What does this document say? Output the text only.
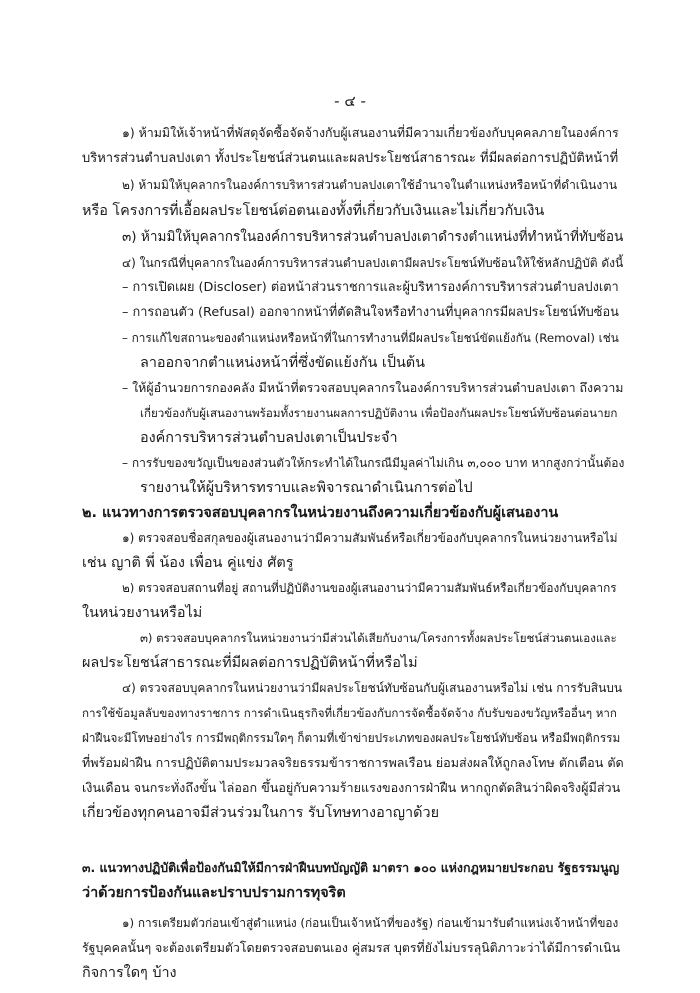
- ๔ -
๑) ห้ามมิให้เจ้าหน้าที่พัสดุจัดซื้อจัดจ้างกับผู้เสนองานที่มีความเกี่ยวข้องกับบุคคลภายในองค์การ
บริหารส่วนตำบลปงเตา ทั้งประโยชน์ส่วนตนและผลประโยชน์สาธารณะ ที่มีผลต่อการปฏิบัติหน้าที่
๒) ห้ามมิให้บุคลากรในองค์การบริหารส่วนตำบลปงเตาใช้อำนาจในตำแหน่งหรือหน้าที่ดำเนินงาน
หรือ โครงการที่เอื้อผลประโยชน์ต่อตนเองทั้งที่เกี่ยวกับเงินและไม่เกี่ยวกับเงิน
๓) ห้ามมิให้บุคลากรในองค์การบริหารส่วนตำบลปงเตาดำรงตำแหน่งที่ทำหน้าที่ทับซ้อน
๔) ในกรณีที่บุคลากรในองค์การบริหารส่วนตำบลปงเตามีผลประโยชน์ทับซ้อนให้ใช้หลักปฏิบัติ ดังนี้
– การเปิดเผย (Discloser) ต่อหน้าส่วนราชการและผู้บริหารองค์การบริหารส่วนตำบลปงเตา
– การถอนตัว (Refusal) ออกจากหน้าที่ตัดสินใจหรือทำงานที่บุคลากรมีผลประโยชน์ทับซ้อน
– การแก้ไขสถานะของตำแหน่งหรือหน้าที่ในการทำงานที่มีผลประโยชน์ขัดแย้งกัน (Removal) เช่น
ลาออกจากตำแหน่งหน้าที่ซึ่งขัดแย้งกัน เป็นต้น
– ให้ผู้อำนวยการกองคลัง มีหน้าที่ตรวจสอบบุคลากรในองค์การบริหารส่วนตำบลปงเตา ถึงความ
เกี่ยวข้องกับผู้เสนองานพร้อมทั้งรายงานผลการปฏิบัติงาน เพื่อป้องกันผลประโยชน์ทับซ้อนต่อนายก
องค์การบริหารส่วนตำบลปงเตาเป็นประจำ
– การรับของขวัญเป็นของส่วนตัวให้กระทำได้ในกรณีมีมูลค่าไม่เกิน ๓,๐๐๐ บาท หากสูงกว่านั้นต้อง
รายงานให้ผู้บริหารทราบและพิจารณาดำเนินการต่อไป
๒. แนวทางการตรวจสอบบุคลากรในหน่วยงานถึงความเกี่ยวข้องกับผู้เสนองาน
๑) ตรวจสอบชื่อสกุลของผู้เสนองานว่ามีความสัมพันธ์หรือเกี่ยวข้องกับบุคลากรในหน่วยงานหรือไม่
เช่น ญาติ พี่ น้อง เพื่อน คู่แข่ง ศัตรู
๒) ตรวจสอบสถานที่อยู่ สถานที่ปฏิบัติงานของผู้เสนองานว่ามีความสัมพันธ์หรือเกี่ยวข้องกับบุคลากร
ในหน่วยงานหรือไม่
๓) ตรวจสอบบุคลากรในหน่วยงานว่ามีส่วนได้เสียกับงาน/โครงการทั้งผลประโยชน์ส่วนตนเองและ
ผลประโยชน์สาธารณะที่มีผลต่อการปฏิบัติหน้าที่หรือไม่
๔) ตรวจสอบบุคลากรในหน่วยงานว่ามีผลประโยชน์ทับซ้อนกับผู้เสนองานหรือไม่ เช่น การรับสินบน
การใช้ข้อมูลลับของทางราชการ การดำเนินธุรกิจที่เกี่ยวข้องกับการจัดซื้อจัดจ้าง กับรับของขวัญหรืออื่นๆ หาก
ฝ่าฝืนจะมีโทษอย่างไร การมีพฤติกรรมใดๆ ก็ตามที่เข้าข่ายประเภทของผลประโยชน์ทับซ้อน หรือมีพฤติกรรม
ที่พร้อมฝ่าฝืน การปฏิบัติตามประมวลจริยธรรมข้าราชการพลเรือน ย่อมส่งผลให้ถูกลงโทษ ตักเตือน ตัด
เงินเดือน จนกระทั่งถึงขั้น ไล่ออก ขึ้นอยู่กับความร้ายแรงของการฝ่าฝืน หากถูกตัดสินว่าผิดจริงผู้มีส่วน
เกี่ยวข้องทุกคนอาจมีส่วนร่วมในการ รับโทษทางอาญาด้วย
๓. แนวทางปฏิบัติเพื่อป้องกันมิให้มีการฝ่าฝืนบทบัญญัติ มาตรา ๑๐๐ แห่งกฎหมายประกอบ รัฐธรรมนูญ
ว่าด้วยการป้องกันและปราบปรามการทุจริต
๑) การเตรียมตัวก่อนเข้าสู่ตำแหน่ง (ก่อนเป็นเจ้าหน้าที่ของรัฐ) ก่อนเข้ามารับตำแหน่งเจ้าหน้าที่ของ
รัฐบุคคลนั้นๆ จะต้องเตรียมตัวโดยตรวจสอบตนเอง คู่สมรส บุตรที่ยังไม่บรรลุนิติภาวะว่าได้มีการดำเนิน
กิจการใดๆ บ้าง
